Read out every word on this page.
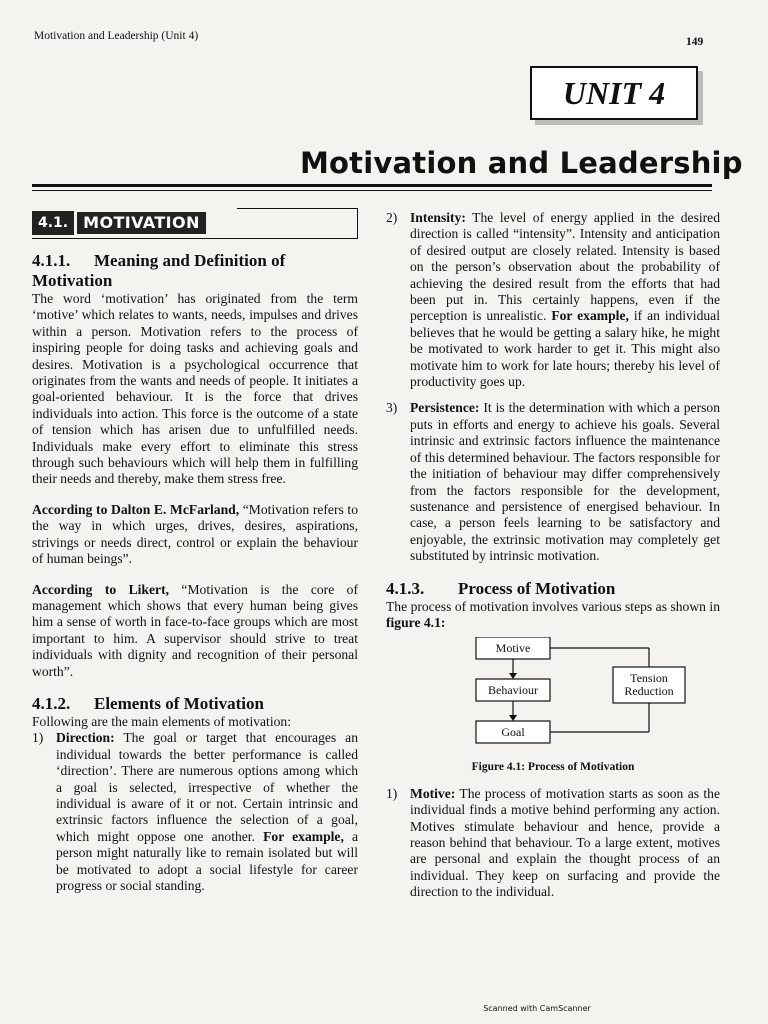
Motivation and Leadership (Unit 4)	149
UNIT 4
Motivation and Leadership
4.1. MOTIVATION
4.1.1. Meaning and Definition of Motivation

The word ‘motivation’ has originated from the term ‘motive’ which relates to wants, needs, impulses and drives within a person. Motivation refers to the process of inspiring people for doing tasks and achieving goals and desires. Motivation is a psychological occurrence that originates from the wants and needs of people. It initiates a goal-oriented behaviour. It is the force that drives individuals into action. This force is the outcome of a state of tension which has arisen due to unfulfilled needs. Individuals make every effort to eliminate this stress through such behaviours which will help them in fulfilling their needs and thereby, make them stress free.

According to Dalton E. McFarland, “Motivation refers to the way in which urges, drives, desires, aspirations, strivings or needs direct, control or explain the behaviour of human beings”.

According to Likert, “Motivation is the core of management which shows that every human being gives him a sense of worth in face-to-face groups which are most important to him. A supervisor should strive to treat individuals with dignity and recognition of their personal worth”.

4.1.2. Elements of Motivation

Following are the main elements of motivation:

1) Direction: The goal or target that encourages an individual towards the better performance is called ‘direction’. There are numerous options among which a goal is selected, irrespective of whether the individual is aware of it or not. Certain intrinsic and extrinsic factors influence the selection of a goal, which might oppose one another. For example, a person might naturally like to remain isolated but will be motivated to adopt a social lifestyle for career progress or social standing.
2) Intensity: The level of energy applied in the desired direction is called “intensity”. Intensity and anticipation of desired output are closely related. Intensity is based on the person’s observation about the probability of achieving the desired result from the efforts that had been put in. This certainly happens, even if the perception is unrealistic. For example, if an individual believes that he would be getting a salary hike, he might be motivated to work harder to get it. This might also motivate him to work for late hours; thereby his level of productivity goes up.
3) Persistence: It is the determination with which a person puts in efforts and energy to achieve his goals. Several intrinsic and extrinsic factors influence the maintenance of this determined behaviour. The factors responsible for the initiation of behaviour may differ comprehensively from the factors responsible for the development, sustenance and persistence of energised behaviour. In case, a person feels learning to be satisfactory and enjoyable, the extrinsic motivation may completely get substituted by intrinsic motivation.
4.1.3. Process of Motivation

The process of motivation involves various steps as shown in figure 4.1:

Motive
Behaviour
Goal
Tension Reduction
Figure 4.1: Process of Motivation
1) Motive: The process of motivation starts as soon as the individual finds a motive behind performing any action. Motives stimulate behaviour and hence, provide a reason behind that behaviour. To a large extent, motives are personal and explain the thought process of an individual. They keep on surfacing and provide the direction to the individual.
Scanned with CamScanner
